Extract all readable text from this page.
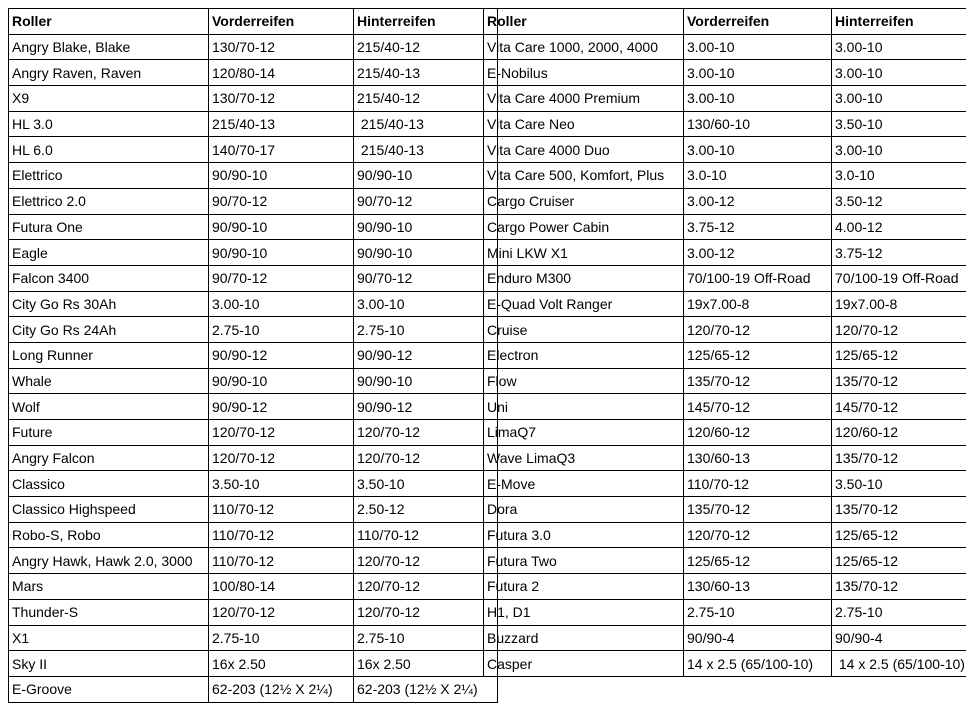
Roller	Vorderreifen	Hinterreifen
Angry Blake, Blake	130/70-12	215/40-12
Angry Raven, Raven	120/80-14	215/40-13
X9	130/70-12	215/40-12
HL 3.0	215/40-13	215/40-13
HL 6.0	140/70-17	215/40-13
Elettrico	90/90-10	90/90-10
Elettrico 2.0	90/70-12	90/70-12
Futura One	90/90-10	90/90-10
Eagle	90/90-10	90/90-10
Falcon 3400	90/70-12	90/70-12
City Go Rs 30Ah	3.00-10	3.00-10
City Go Rs 24Ah	2.75-10	2.75-10
Long Runner	90/90-12	90/90-12
Whale	90/90-10	90/90-10
Wolf	90/90-12	90/90-12
Future	120/70-12	120/70-12
Angry Falcon	120/70-12	120/70-12
Classico	3.50-10	3.50-10
Classico Highspeed	110/70-12	2.50-12
Robo-S, Robo	110/70-12	110/70-12
Angry Hawk, Hawk 2.0, 3000	110/70-12	120/70-12
Mars	100/80-14	120/70-12
Thunder-S	120/70-12	120/70-12
X1	2.75-10	2.75-10
Sky II	16x 2.50	16x 2.50
E-Groove	62-203 (12½ X 2¼)	62-203 (12½ X 2¼)
Roller	Vorderreifen	Hinterreifen
Vita Care 1000, 2000, 4000	3.00-10	3.00-10
E-Nobilus	3.00-10	3.00-10
Vita Care 4000 Premium	3.00-10	3.00-10
Vita Care Neo	130/60-10	3.50-10
Vita Care 4000 Duo	3.00-10	3.00-10
Vita Care 500, Komfort, Plus	3.0-10	3.0-10
Cargo Cruiser	3.00-12	3.50-12
Cargo Power Cabin	3.75-12	4.00-12
Mini LKW X1	3.00-12	3.75-12
Enduro M300	70/100-19 Off-Road	70/100-19 Off-Road
E-Quad Volt Ranger	19x7.00-8	19x7.00-8
Cruise	120/70-12	120/70-12
Electron	125/65-12	125/65-12
Flow	135/70-12	135/70-12
Uni	145/70-12	145/70-12
LimaQ7	120/60-12	120/60-12
Wave LimaQ3	130/60-13	135/70-12
E-Move	110/70-12	3.50-10
Dora	135/70-12	135/70-12
Futura 3.0	120/70-12	125/65-12
Futura Two	125/65-12	125/65-12
Futura 2	130/60-13	135/70-12
H1, D1	2.75-10	2.75-10
Buzzard	90/90-4	90/90-4
Casper	14 x 2.5 (65/100-10)	14 x 2.5 (65/100-10)
